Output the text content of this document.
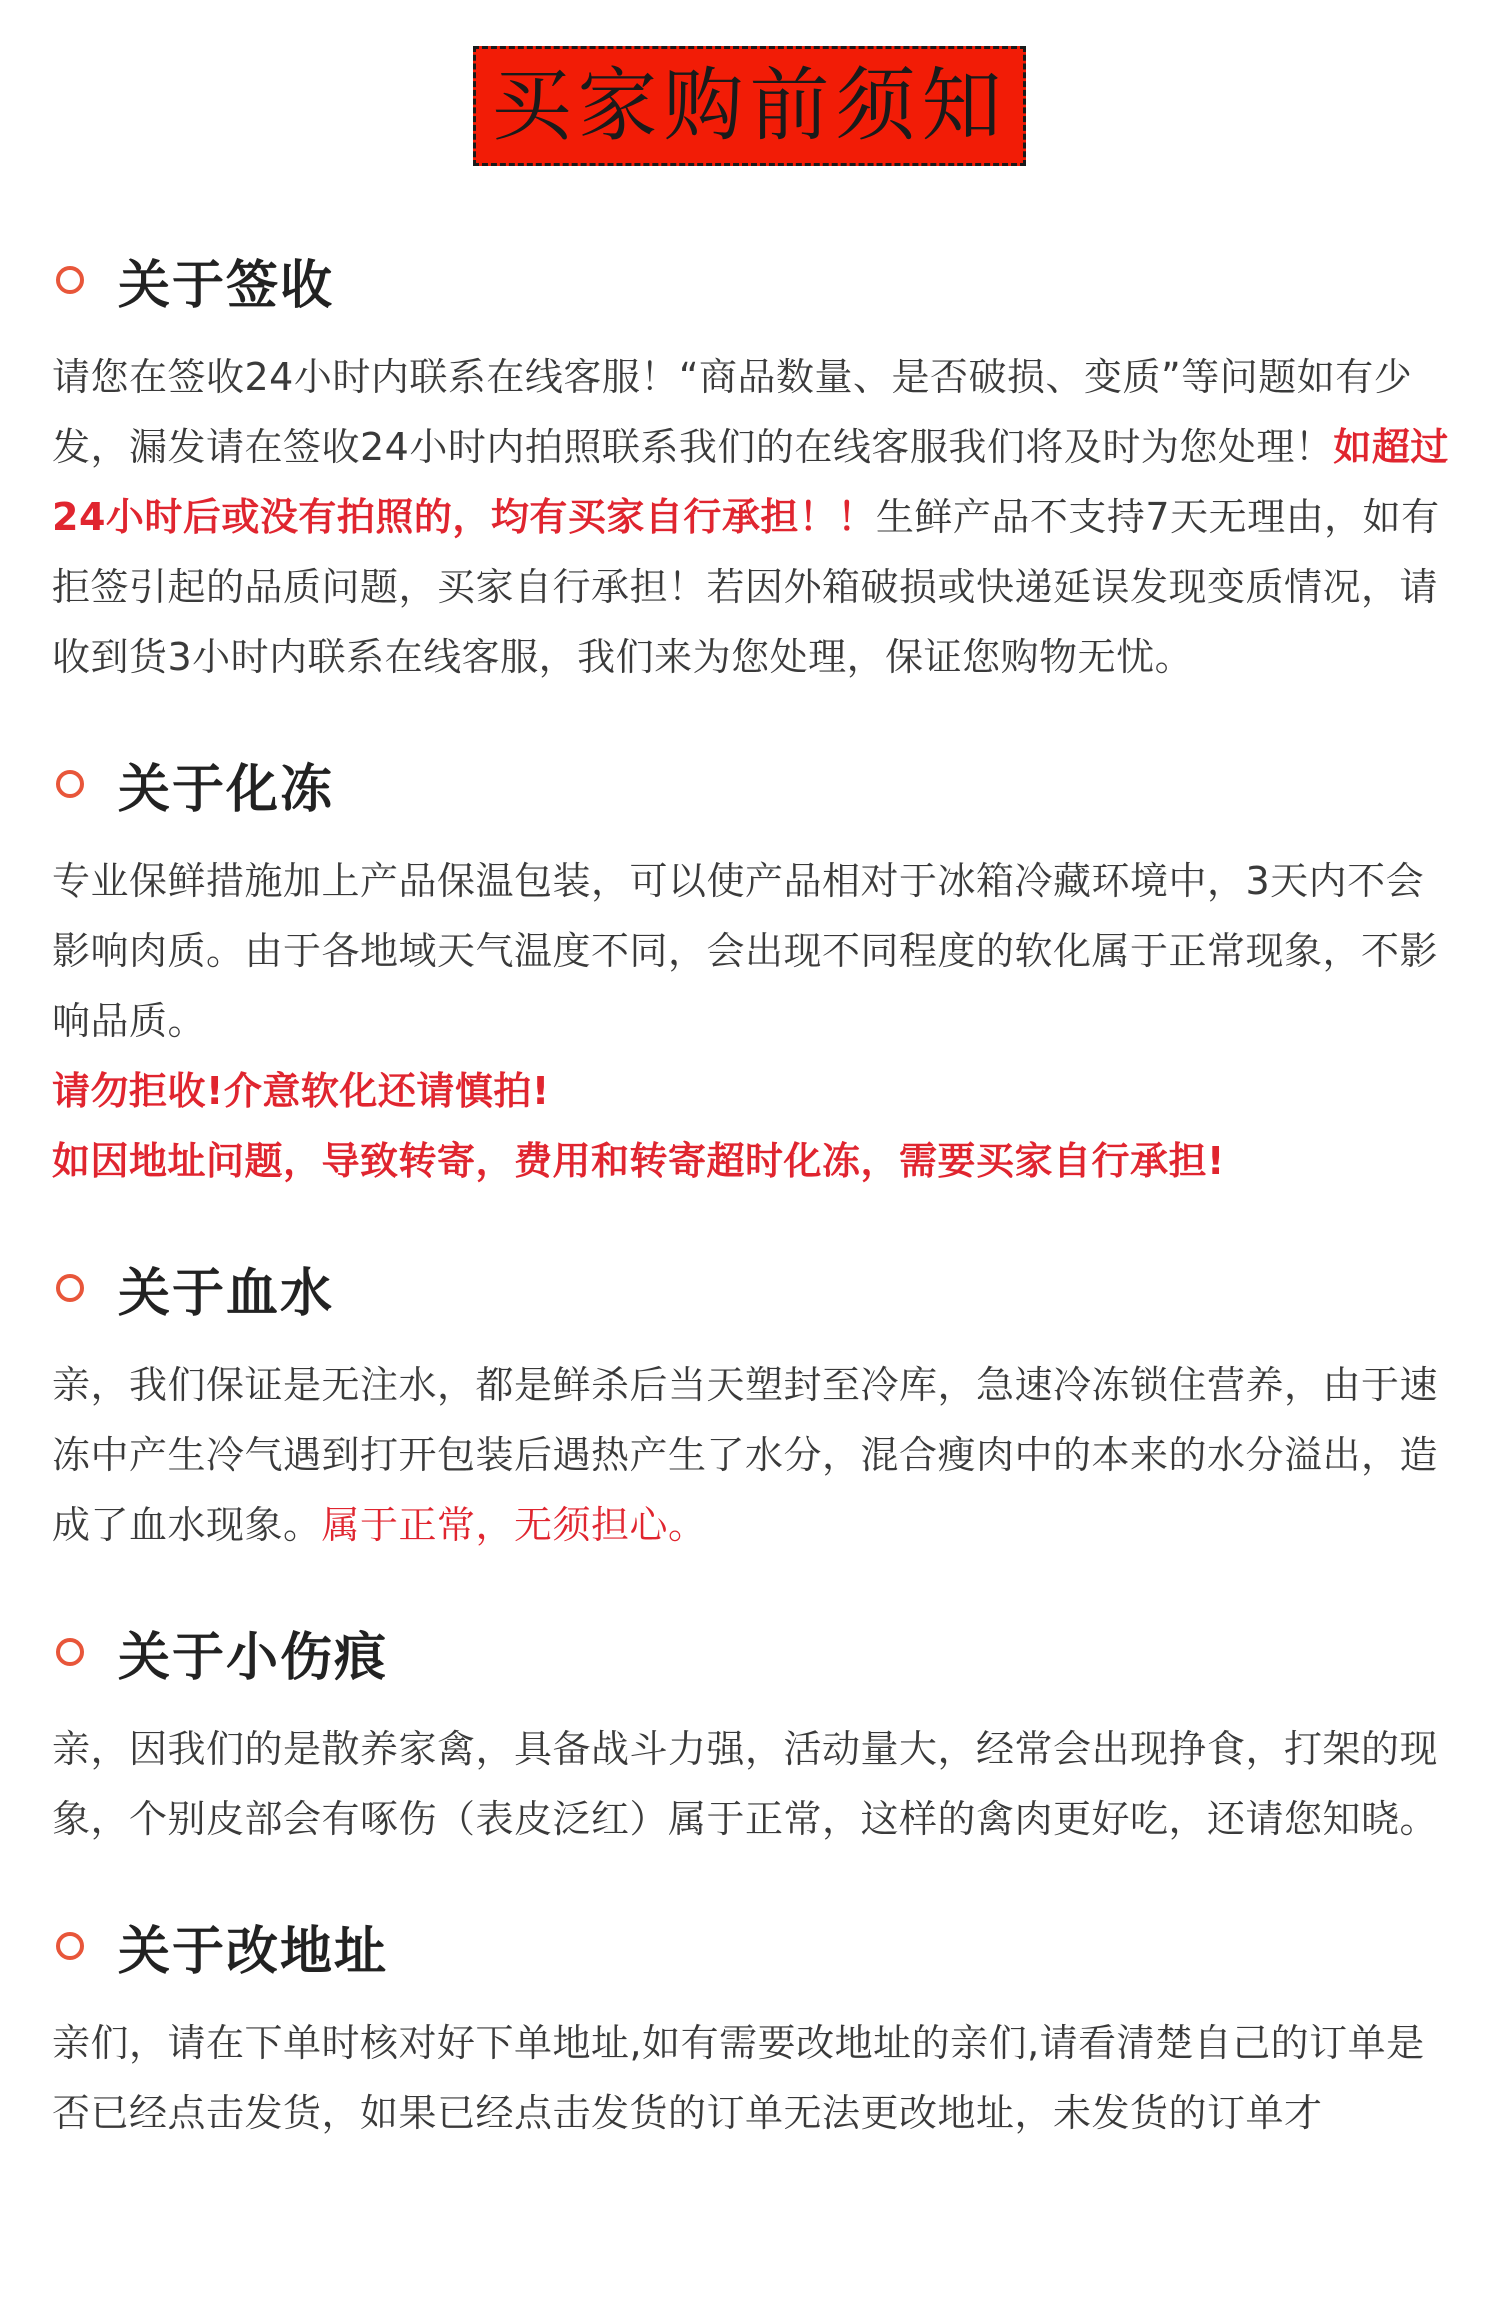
买家购前须知
关于签收

请您在签收24小时内联系在线客服！“商品数量、是否破损、变质”等问题如有少发，漏发请在签收24小时内拍照联系我们的在线客服我们将及时为您处理！如超过24小时后或没有拍照的，均有买家自行承担！！生鲜产品不支持7天无理由，如有拒签引起的品质问题，买家自行承担！若因外箱破损或快递延误发现变质情况，请收到货3小时内联系在线客服，我们来为您处理，保证您购物无忧。

关于化冻

专业保鲜措施加上产品保温包装，可以使产品相对于冰箱冷藏环境中，3天内不会影响肉质。由于各地域天气温度不同，会出现不同程度的软化属于正常现象，不影响品质。

请勿拒收!介意软化还请慎拍!

如因地址问题，导致转寄，费用和转寄超时化冻，需要买家自行承担!

关于血水

亲，我们保证是无注水，都是鲜杀后当天塑封至冷库，急速冷冻锁住营养，由于速冻中产生冷气遇到打开包装后遇热产生了水分，混合瘦肉中的本来的水分溢出，造成了血水现象。属于正常，无须担心。

关于小伤痕

亲，因我们的是散养家禽，具备战斗力强，活动量大，经常会出现挣食，打架的现象，个别皮部会有啄伤（表皮泛红）属于正常，这样的禽肉更好吃，还请您知晓。

关于改地址

亲们，请在下单时核对好下单地址,如有需要改地址的亲们,请看清楚自己的订单是否已经点击发货，如果已经点击发货的订单无法更改地址，未发货的订单才
